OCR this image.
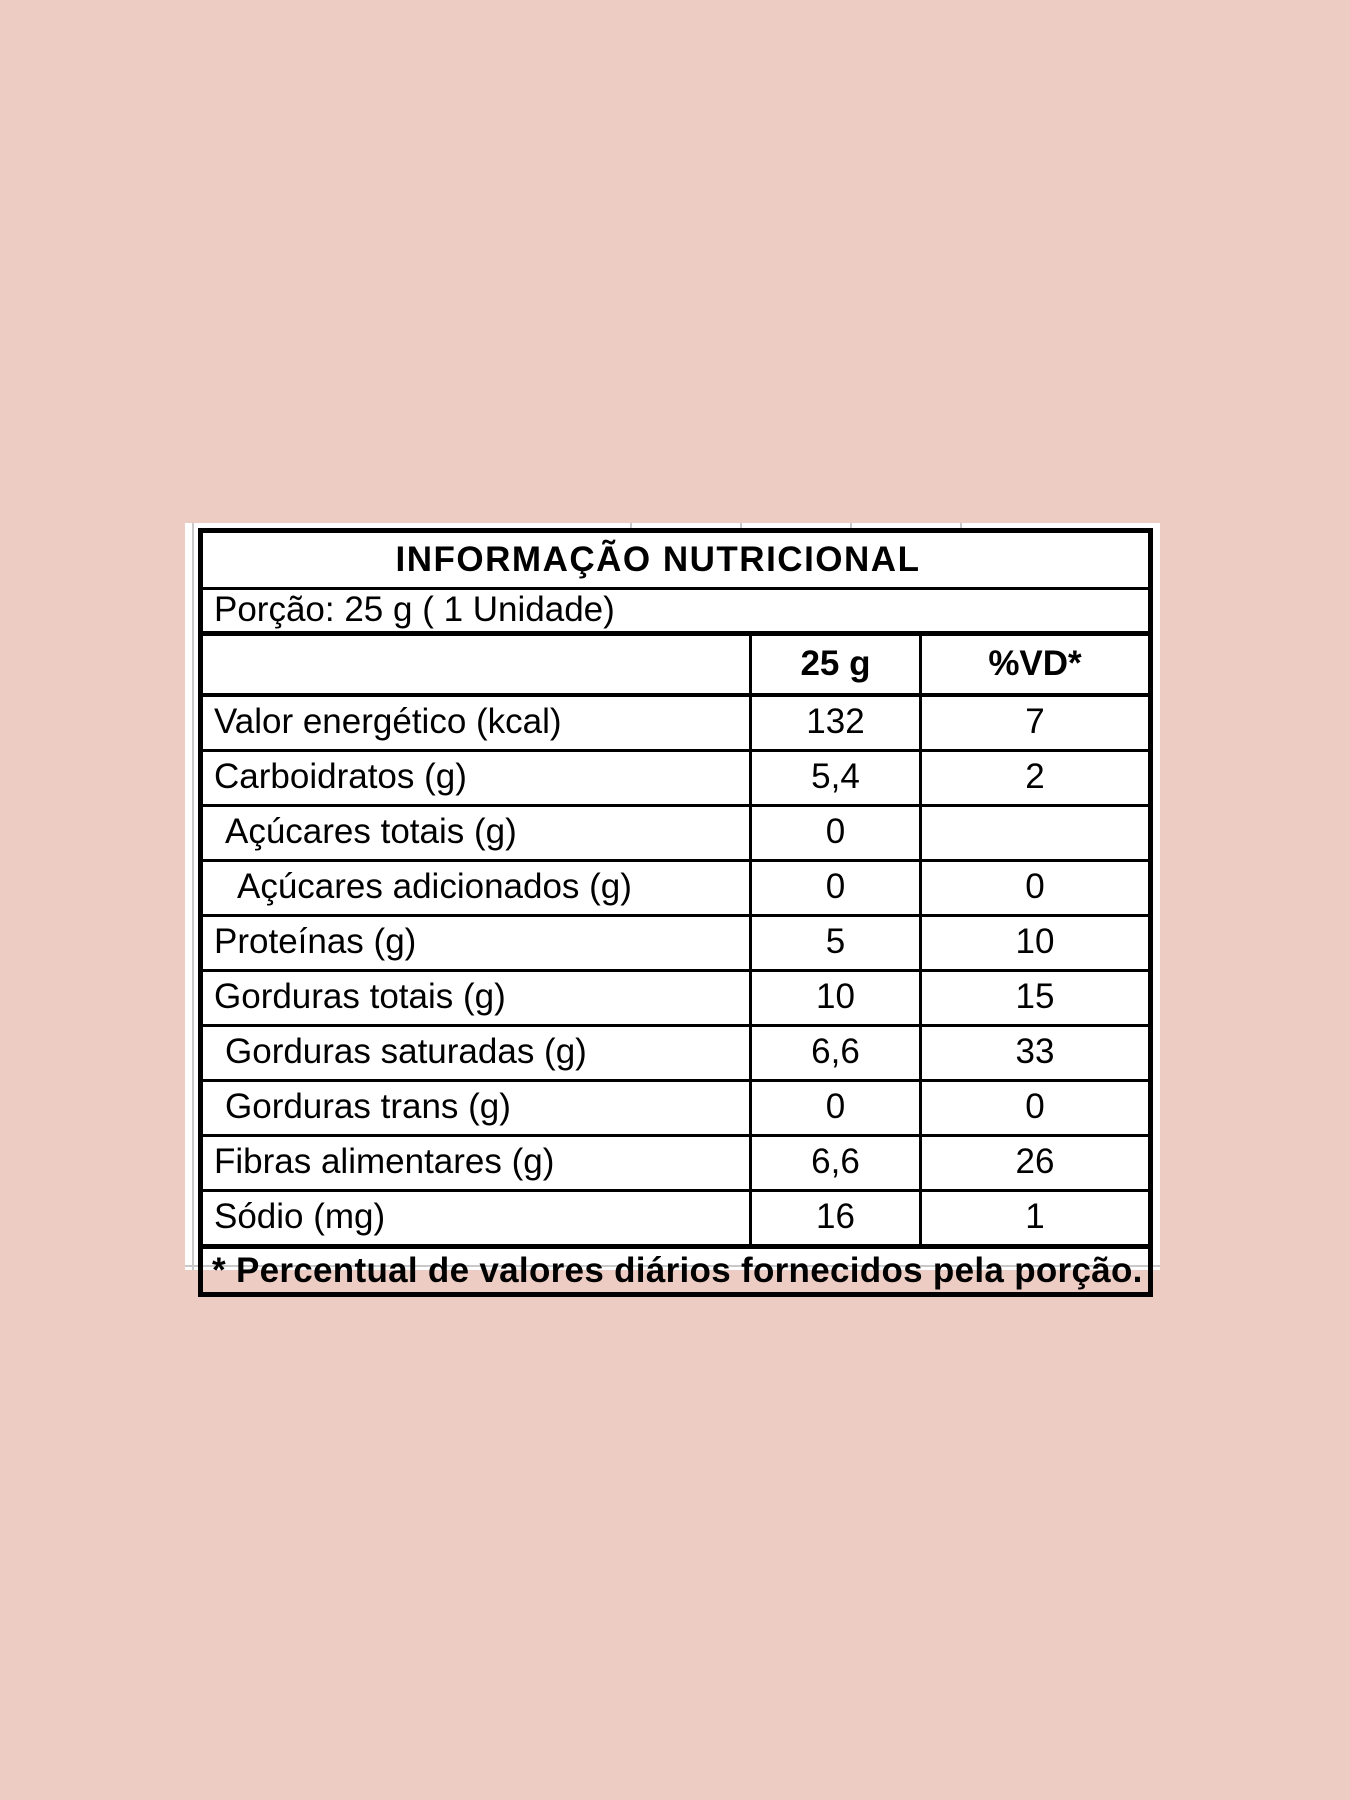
INFORMAÇÃO NUTRICIONAL		
Porção: 25 g ( 1 Unidade)		
	25 g	%VD*
Valor energético (kcal)	132	7
Carboidratos (g)	5,4	2
Açúcares totais (g)	0	
Açúcares adicionados (g)	0	0
Proteínas (g)	5	10
Gorduras totais (g)	10	15
Gorduras saturadas (g)	6,6	33
Gorduras trans (g)	0	0
Fibras alimentares (g)	6,6	26
Sódio (mg)	16	1
* Percentual de valores diários fornecidos pela porção.		
